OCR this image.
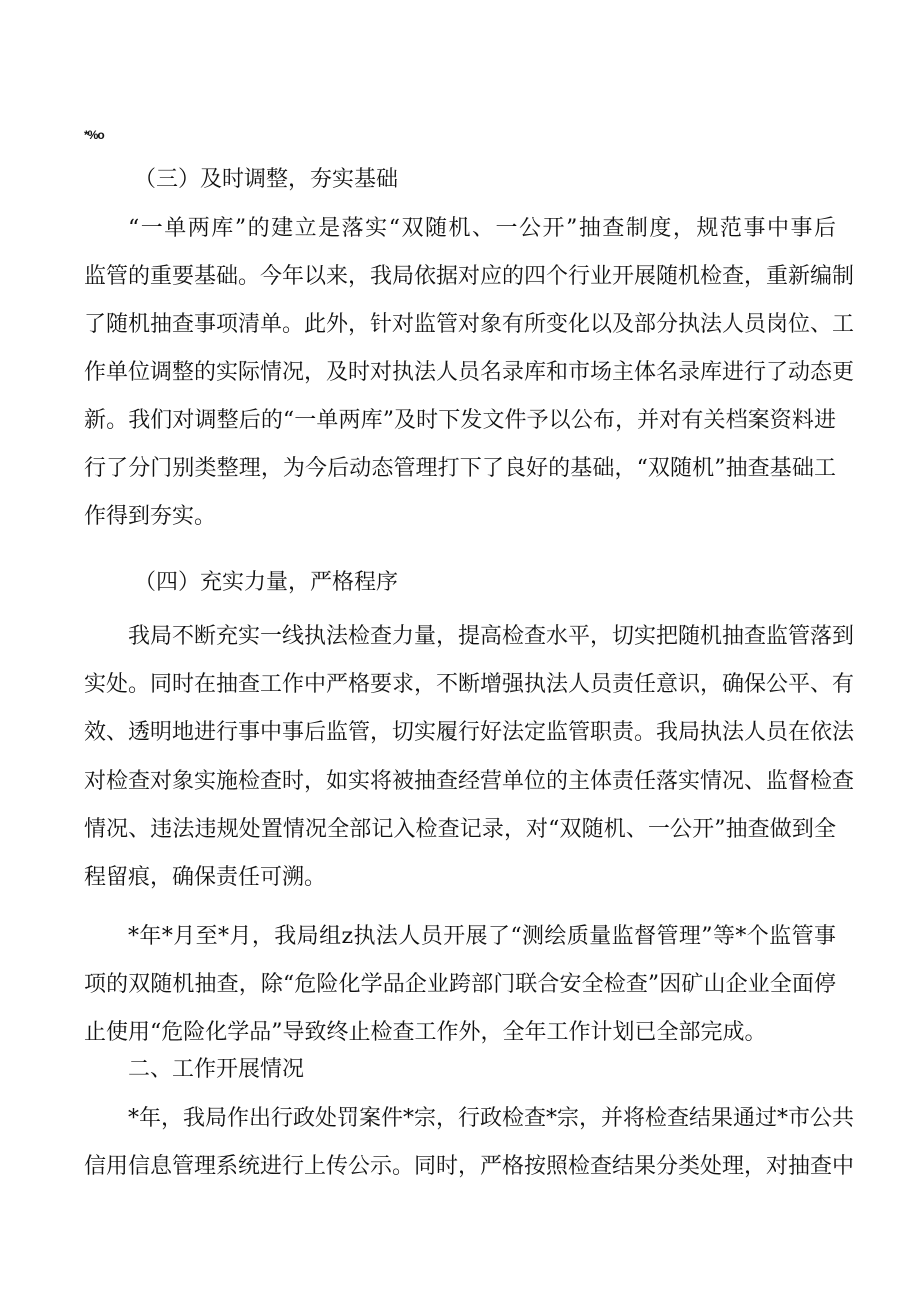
*%o
（三）及时调整，夯实基础
“一单两库”的建立是落实“双随机、一公开”抽查制度，规范事中事后
监管的重要基础。今年以来，我局依据对应的四个行业开展随机检查，重新编制
了随机抽查事项清单。此外，针对监管对象有所变化以及部分执法人员岗位、工
作单位调整的实际情况，及时对执法人员名录库和市场主体名录库进行了动态更
新。我们对调整后的“一单两库”及时下发文件予以公布，并对有关档案资料进
行了分门别类整理，为今后动态管理打下了良好的基础，“双随机”抽查基础工
作得到夯实。
（四）充实力量，严格程序
我局不断充实一线执法检查力量，提高检查水平，切实把随机抽查监管落到
实处。同时在抽查工作中严格要求，不断增强执法人员责任意识，确保公平、有
效、透明地进行事中事后监管，切实履行好法定监管职责。我局执法人员在依法
对检查对象实施检查时，如实将被抽查经营单位的主体责任落实情况、监督检查
情况、违法违规处置情况全部记入检查记录，对“双随机、一公开”抽查做到全
程留痕，确保责任可溯。
*年*月至*月，我局组z执法人员开展了“测绘质量监督管理”等*个监管事
项的双随机抽查，除“危险化学品企业跨部门联合安全检查”因矿山企业全面停
止使用“危险化学品”导致终止检查工作外，全年工作计划已全部完成。
二、工作开展情况
*年，我局作出行政处罚案件*宗，行政检查*宗，并将检查结果通过*市公共
信用信息管理系统进行上传公示。同时，严格按照检查结果分类处理，对抽查中
